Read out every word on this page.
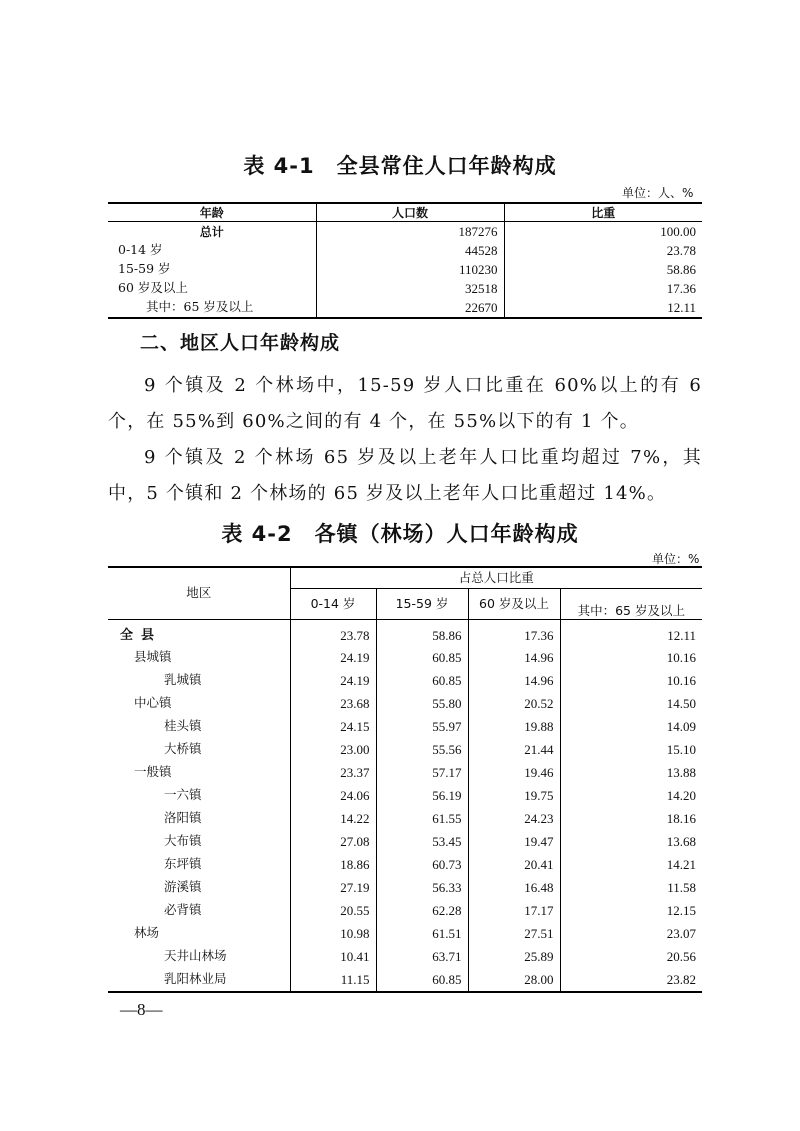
表 4-1　全县常住人口年龄构成
单位：人、%
年龄	人口数	比重
总计	187276	100.00
0-14 岁	44528	23.78
15-59 岁	110230	58.86
60 岁及以上	32518	17.36
其中：65 岁及以上	22670	12.11
二、地区人口年龄构成
9 个镇及 2 个林场中，15-59 岁人口比重在 60%以上的有 6 个，在 55%到 60%之间的有 4 个，在 55%以下的有 1 个。
9 个镇及 2 个林场 65 岁及以上老年人口比重均超过 7%，其中，5 个镇和 2 个林场的 65 岁及以上老年人口比重超过 14%。
表 4-2　各镇（林场）人口年龄构成
单位：%
地区	占总人口比重			
	0-14 岁	15-59 岁	60 岁及以上	其中：65 岁及以上
全县	23.78	58.86	17.36	12.11
县城镇	24.19	60.85	14.96	10.16
乳城镇	24.19	60.85	14.96	10.16
中心镇	23.68	55.80	20.52	14.50
桂头镇	24.15	55.97	19.88	14.09
大桥镇	23.00	55.56	21.44	15.10
一般镇	23.37	57.17	19.46	13.88
一六镇	24.06	56.19	19.75	14.20
洛阳镇	14.22	61.55	24.23	18.16
大布镇	27.08	53.45	19.47	13.68
东坪镇	18.86	60.73	20.41	14.21
游溪镇	27.19	56.33	16.48	11.58
必背镇	20.55	62.28	17.17	12.15
林场	10.98	61.51	27.51	23.07
天井山林场	10.41	63.71	25.89	20.56
乳阳林业局	11.15	60.85	28.00	23.82
—8—
